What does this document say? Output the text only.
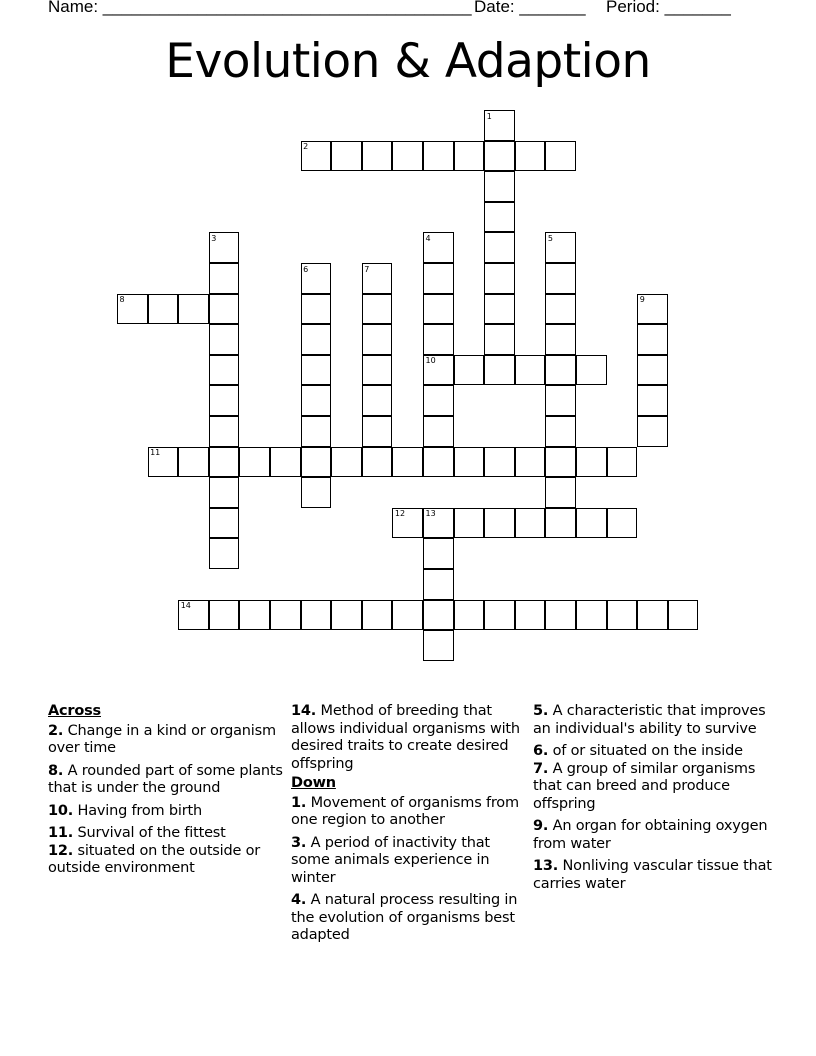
Name: _______________________________________ Date: _______ Period: _______
Evolution & Adaption
1
2
3	4	5
6	7
8	9
10
11
12	13
14
Across
2. Change in a kind or organism over time
8. A rounded part of some plants that is under the ground
10. Having from birth
11. Survival of the fittest
12. situated on the outside or outside environment
14. Method of breeding that allows individual organisms with desired traits to create desired offspring
Down
1. Movement of organisms from one region to another
3. A period of inactivity that some animals experience in winter
4. A natural process resulting in the evolution of organisms best adapted
5. A characteristic that improves an individual's ability to survive
6. of or situated on the inside
7. A group of similar organisms that can breed and produce offspring
9. An organ for obtaining oxygen from water
13. Nonliving vascular tissue that carries water
